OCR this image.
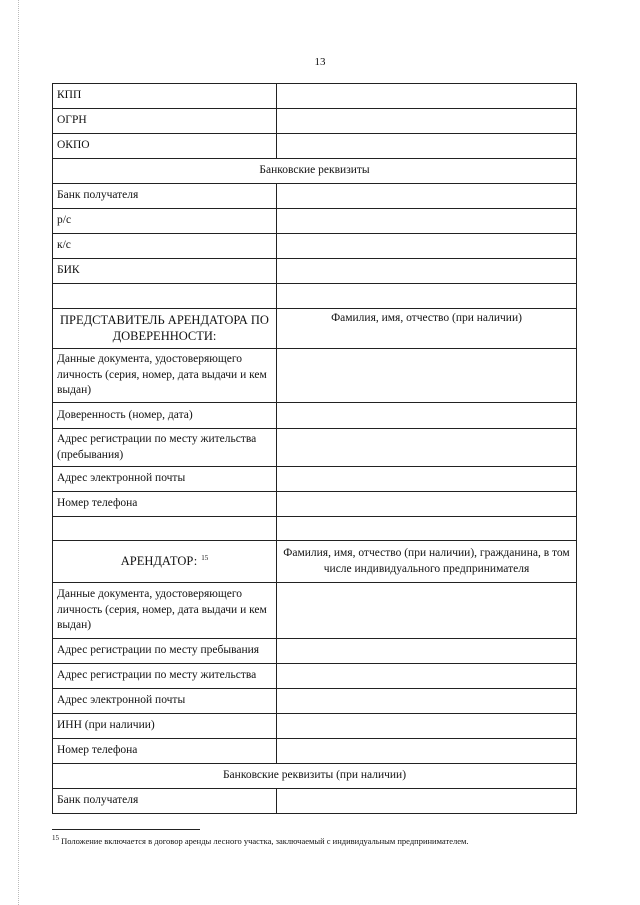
13
КПП	
ОГРН	
ОКПО	
Банковские реквизиты	
Банк получателя	
р/с	
к/с	
БИК	

ПРЕДСТАВИТЕЛЬ АРЕНДАТОРА ПО ДОВЕРЕННОСТИ:	Фамилия, имя, отчество (при наличии)
Данные документа, удостоверяющего личность (серия, номер, дата выдачи и кем выдан)	
Доверенность (номер, дата)	
Адрес регистрации по месту жительства (пребывания)	
Адрес электронной почты	
Номер телефона	

АРЕНДАТОР: $^{15}$	Фамилия, имя, отчество (при наличии), гражданина, в том числе индивидуального предпринимателя
Данные документа, удостоверяющего личность (серия, номер, дата выдачи и кем выдан)	
Адрес регистрации по месту пребывания	
Адрес регистрации по месту жительства	
Адрес электронной почты	
ИНН (при наличии)	
Номер телефона	
Банковские реквизиты (при наличии)	
Банк получателя	
$^{15}$ Положение включается в договор аренды лесного участка, заключаемый с индивидуальным предпринимателем.
